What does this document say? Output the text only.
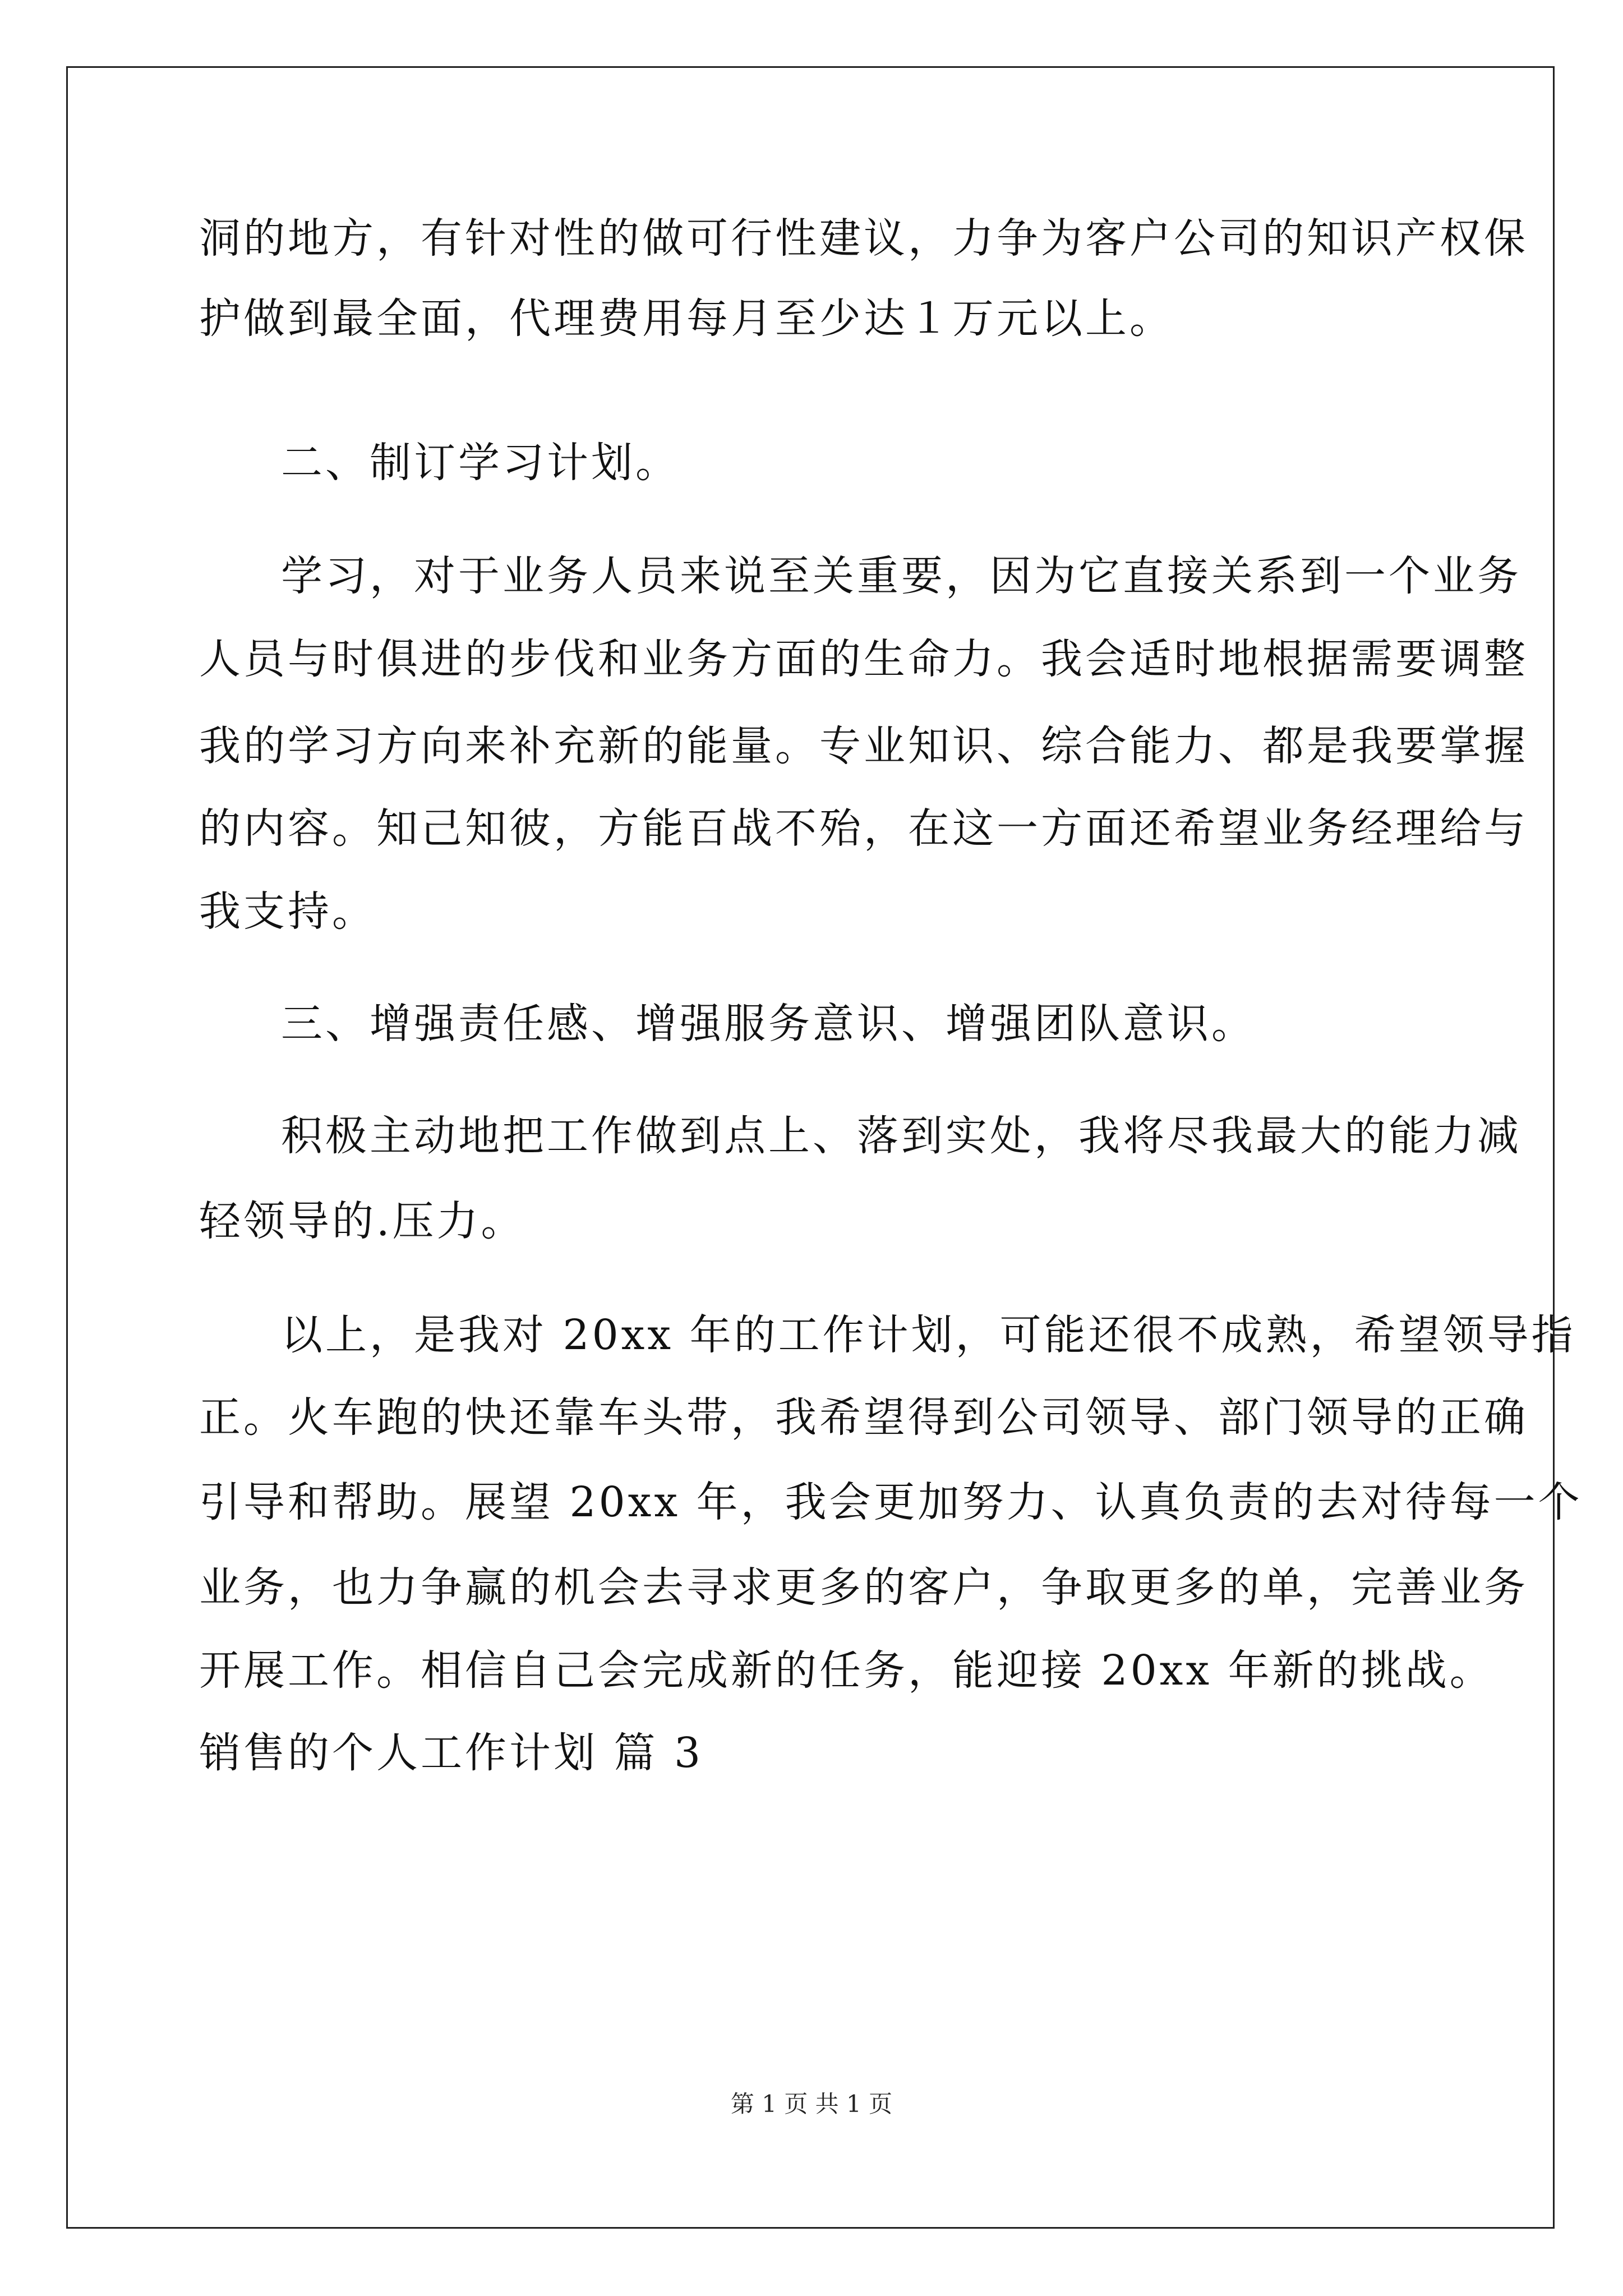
洞的地方，有针对性的做可行性建议，力争为客户公司的知识产权保
护做到最全面，代理费用每月至少达１万元以上。
二、制订学习计划。
学习，对于业务人员来说至关重要，因为它直接关系到一个业务
人员与时俱进的步伐和业务方面的生命力。我会适时地根据需要调整
我的学习方向来补充新的能量。专业知识、综合能力、都是我要掌握
的内容。知己知彼，方能百战不殆，在这一方面还希望业务经理给与
我支持。
三、增强责任感、增强服务意识、增强团队意识。
积极主动地把工作做到点上、落到实处，我将尽我最大的能力减
轻领导的.压力。
以上，是我对 20xx 年的工作计划，可能还很不成熟，希望领导指
正。火车跑的快还靠车头带，我希望得到公司领导、部门领导的正确
引导和帮助。展望 20xx 年，我会更加努力、认真负责的去对待每一个
业务，也力争赢的机会去寻求更多的客户，争取更多的单，完善业务
开展工作。相信自己会完成新的任务，能迎接 20xx 年新的挑战。
销售的个人工作计划 篇 3
第 1 页 共 1 页
